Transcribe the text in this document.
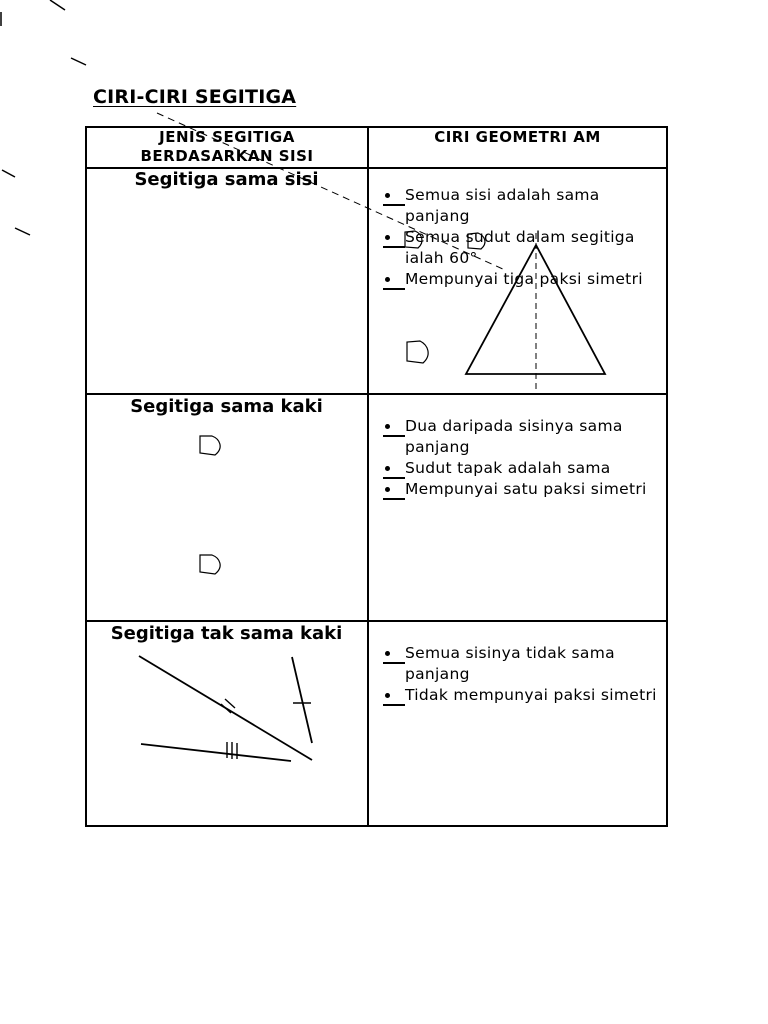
CIRI-CIRI SEGITIGA
JENIS SEGITIGA
BERDASARKAN SISI
CIRI GEOMETRI AM
Segitiga sama sisi
Semua sisi adalah sama panjang
Semua sudut dalam segitiga ialah 60°
Mempunyai tiga paksi simetri
Segitiga sama kaki
Dua daripada sisinya sama panjang
Sudut tapak adalah sama
Mempunyai satu paksi simetri
Segitiga tak sama kaki
Semua sisinya tidak sama panjang
Tidak mempunyai paksi simetri
